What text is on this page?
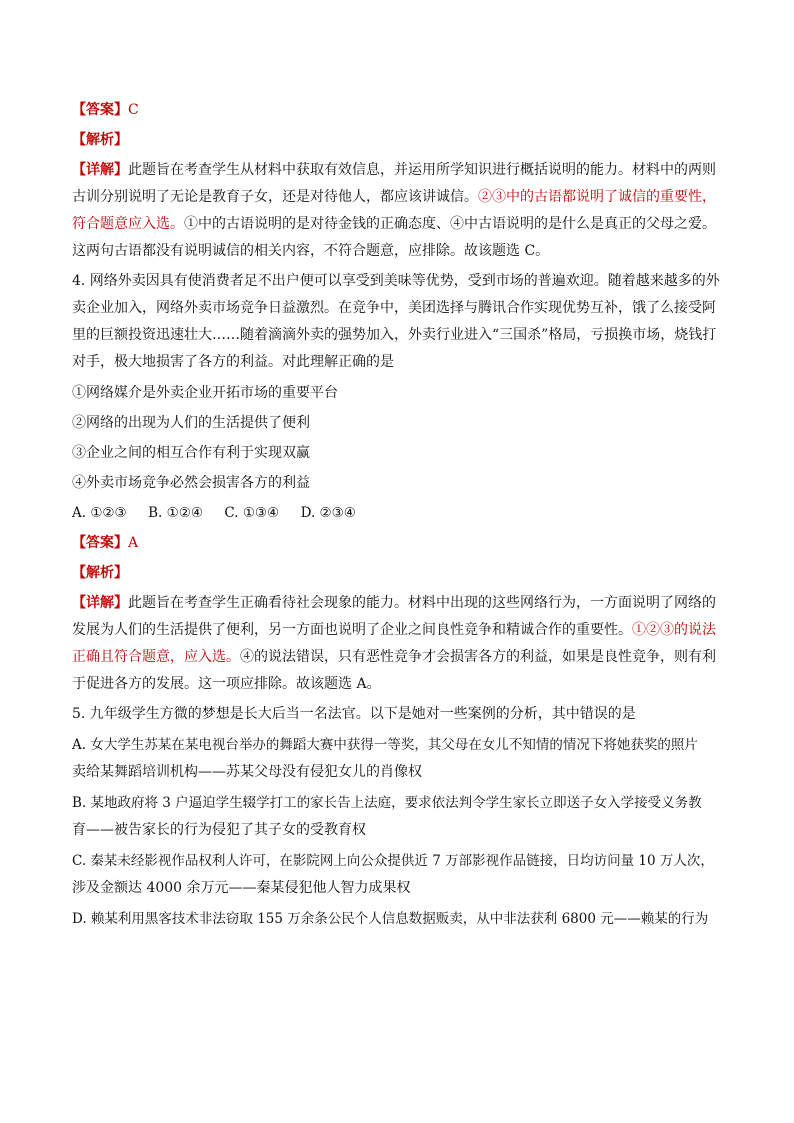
【答案】C

【解析】

【详解】此题旨在考查学生从材料中获取有效信息，并运用所学知识进行概括说明的能力。材料中的两则

古训分别说明了无论是教育子女，还是对待他人，都应该讲诚信。②③中的古语都说明了诚信的重要性，

符合题意应入选。①中的古语说明的是对待金钱的正确态度、④中古语说明的是什么是真正的父母之爱。

这两句古语都没有说明诚信的相关内容，不符合题意，应排除。故该题选 C。

4. 网络外卖因具有使消费者足不出户便可以享受到美味等优势，受到市场的普遍欢迎。随着越来越多的外

卖企业加入，网络外卖市场竞争日益激烈。在竞争中，美团选择与腾讯合作实现优势互补，饿了么接受阿

里的巨额投资迅速壮大……随着滴滴外卖的强势加入，外卖行业进入“三国杀”格局，亏损换市场，烧钱打

对手，极大地损害了各方的利益。对此理解正确的是

①网络媒介是外卖企业开拓市场的重要平台

②网络的出现为人们的生活提供了便利

③企业之间的相互合作有利于实现双赢

④外卖市场竞争必然会损害各方的利益

A. ①②③ B. ①②④ C. ①③④ D. ②③④

【答案】A

【解析】

【详解】此题旨在考查学生正确看待社会现象的能力。材料中出现的这些网络行为，一方面说明了网络的

发展为人们的生活提供了便利，另一方面也说明了企业之间良性竞争和精诚合作的重要性。①②③的说法

正确且符合题意，应入选。④的说法错误，只有恶性竞争才会损害各方的利益，如果是良性竞争，则有利

于促进各方的发展。这一项应排除。故该题选 A。

5. 九年级学生方微的梦想是长大后当一名法官。以下是她对一些案例的分析，其中错误的是

A. 女大学生苏某在某电视台举办的舞蹈大赛中获得一等奖，其父母在女儿不知情的情况下将她获奖的照片

卖给某舞蹈培训机构——苏某父母没有侵犯女儿的肖像权

B. 某地政府将 3 户逼迫学生辍学打工的家长告上法庭，要求依法判令学生家长立即送子女入学接受义务教

育——被告家长的行为侵犯了其子女的受教育权

C. 秦某未经影视作品权利人许可，在影院网上向公众提供近 7 万部影视作品链接，日均访问量 10 万人次，

涉及金额达 4000 余万元——秦某侵犯他人智力成果权

D. 赖某利用黑客技术非法窃取 155 万余条公民个人信息数据贩卖，从中非法获利 6800 元——赖某的行为
